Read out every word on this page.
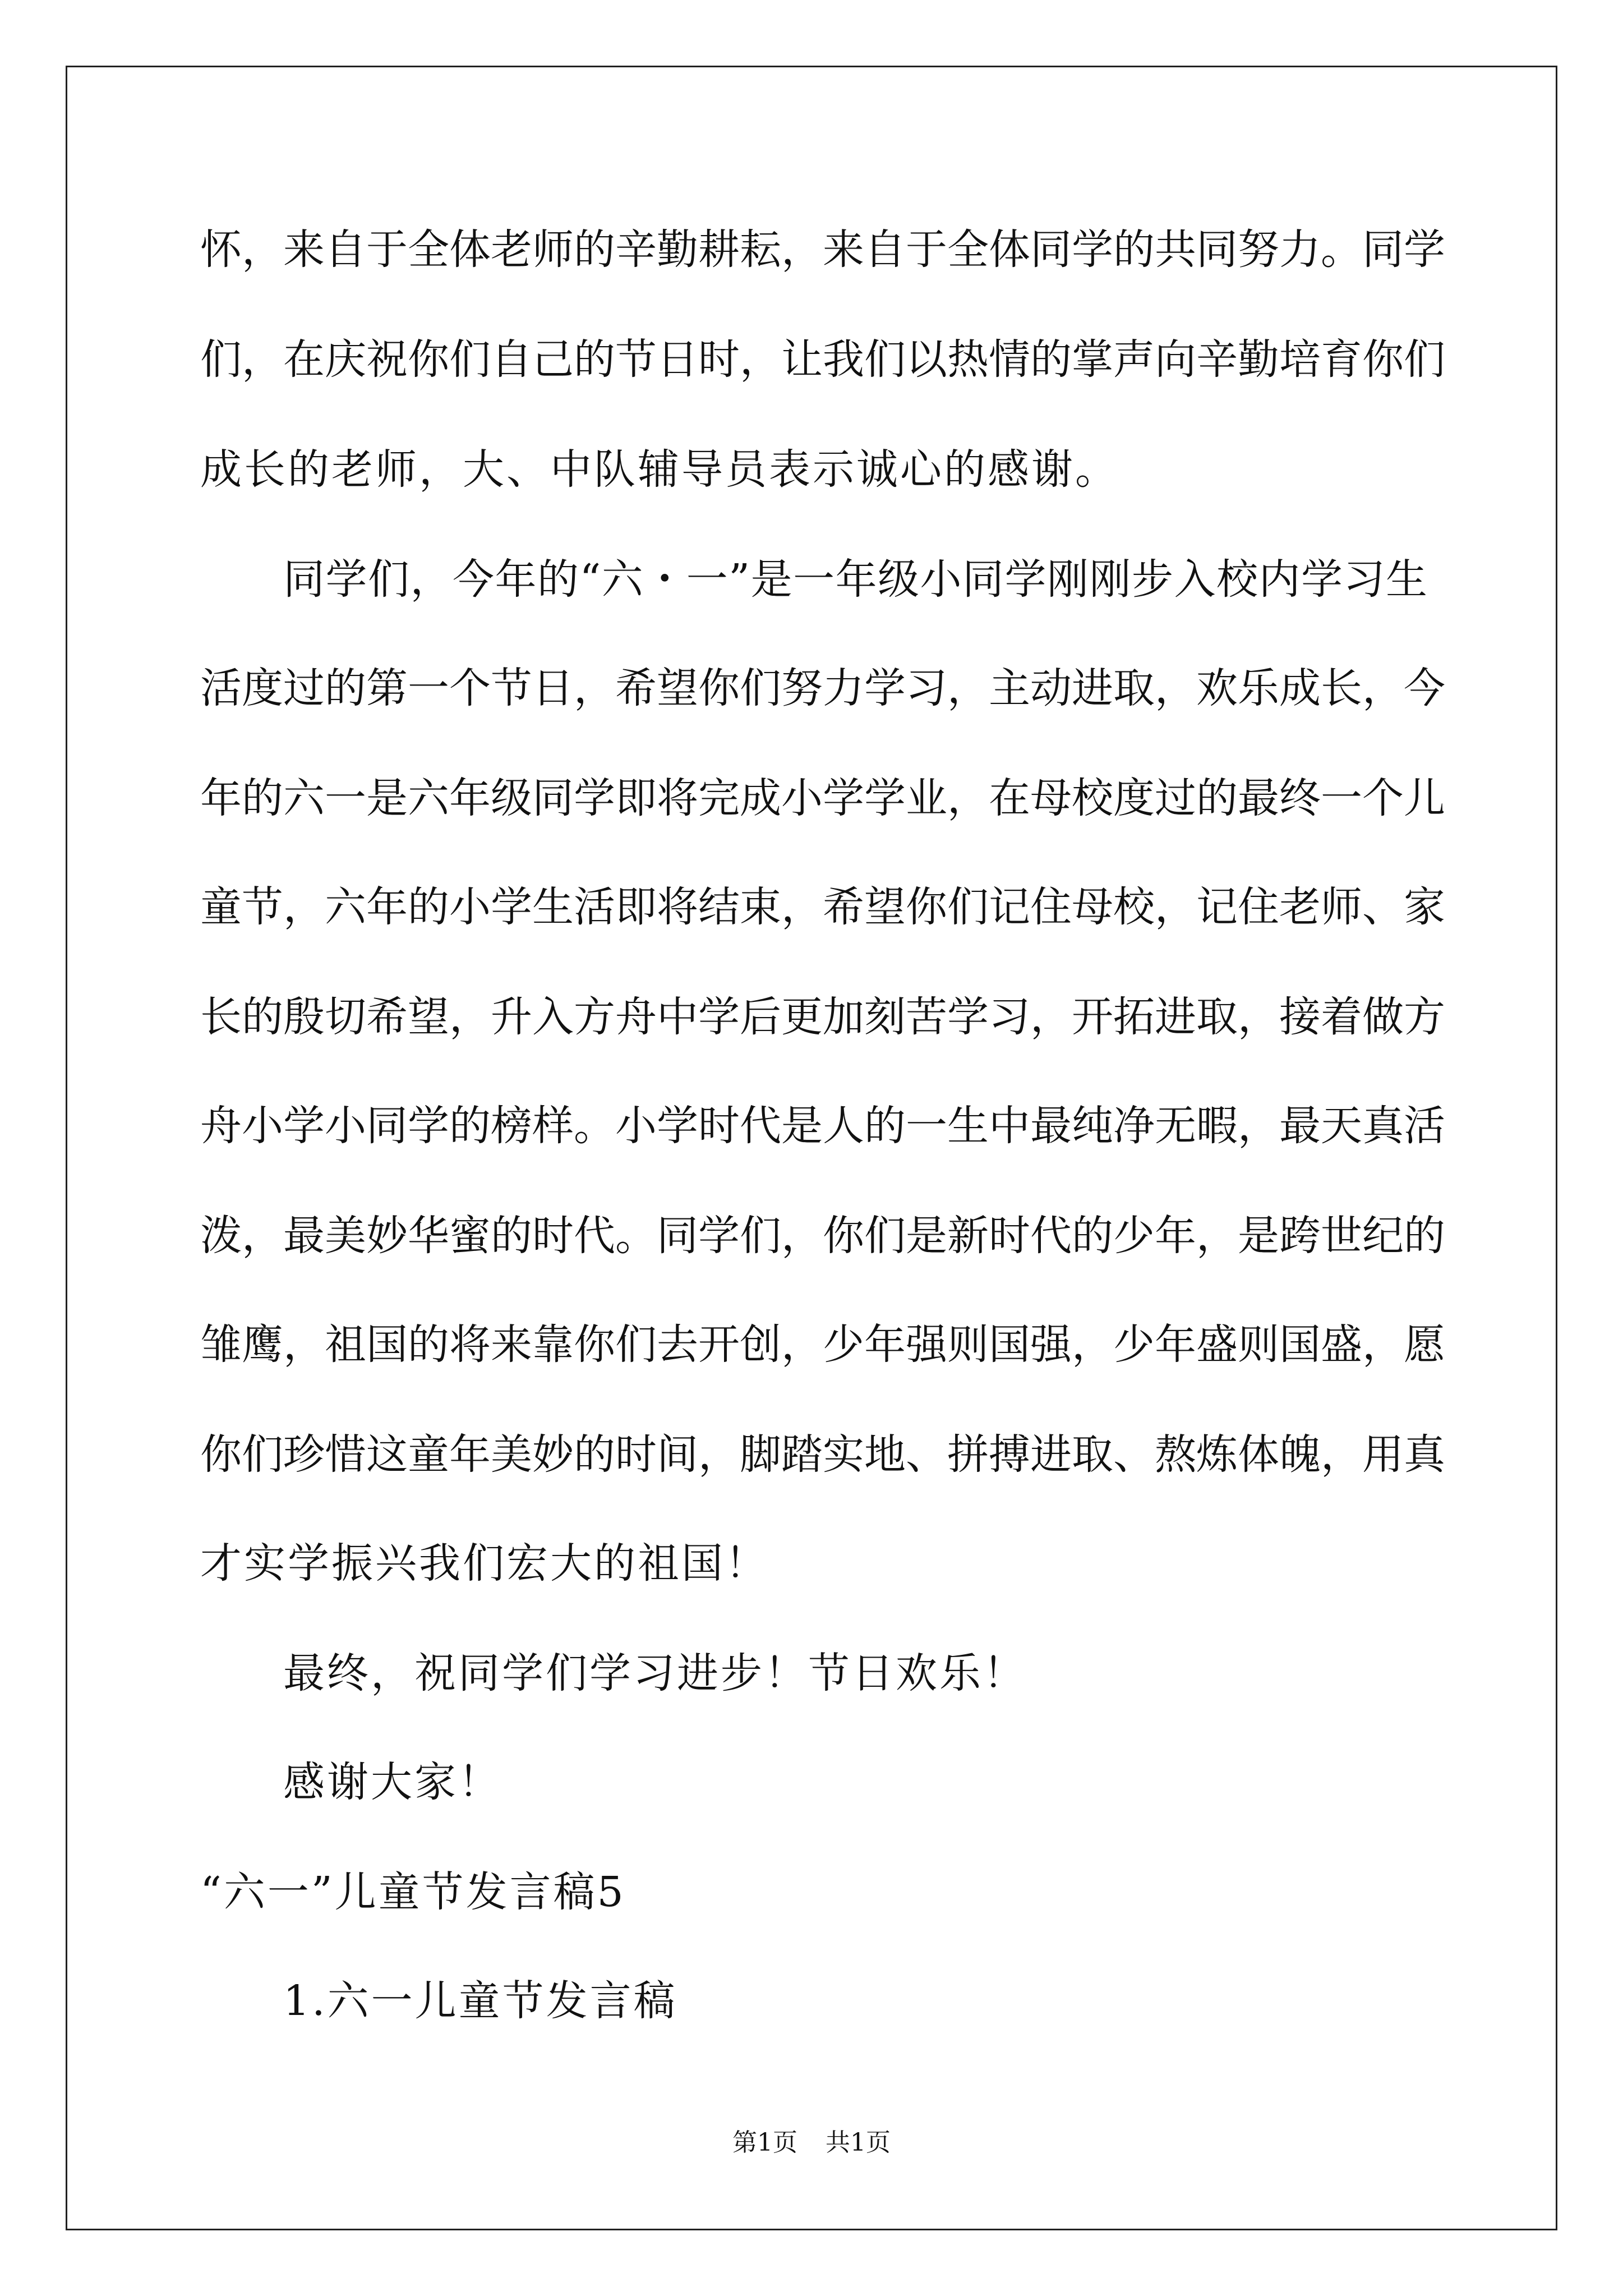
怀，来自于全体老师的辛勤耕耘，来自于全体同学的共同努力。同学
们，在庆祝你们自己的节日时，让我们以热情的掌声向辛勤培育你们
成长的老师，大、中队辅导员表示诚心的感谢。
同学们，今年的“六・一”是一年级小同学刚刚步入校内学习生
活度过的第一个节日，希望你们努力学习，主动进取，欢乐成长，今
年的六一是六年级同学即将完成小学学业，在母校度过的最终一个儿
童节，六年的小学生活即将结束，希望你们记住母校，记住老师、家
长的殷切希望，升入方舟中学后更加刻苦学习，开拓进取，接着做方
舟小学小同学的榜样。小学时代是人的一生中最纯净无暇，最天真活
泼，最美妙华蜜的时代。同学们，你们是新时代的少年，是跨世纪的
雏鹰，祖国的将来靠你们去开创，少年强则国强，少年盛则国盛，愿
你们珍惜这童年美妙的时间，脚踏实地、拼搏进取、熬炼体魄，用真
才实学振兴我们宏大的祖国！
最终，祝同学们学习进步！节日欢乐！
感谢大家！
“六一”儿童节发言稿5
1.六一儿童节发言稿
第1页 共1页
